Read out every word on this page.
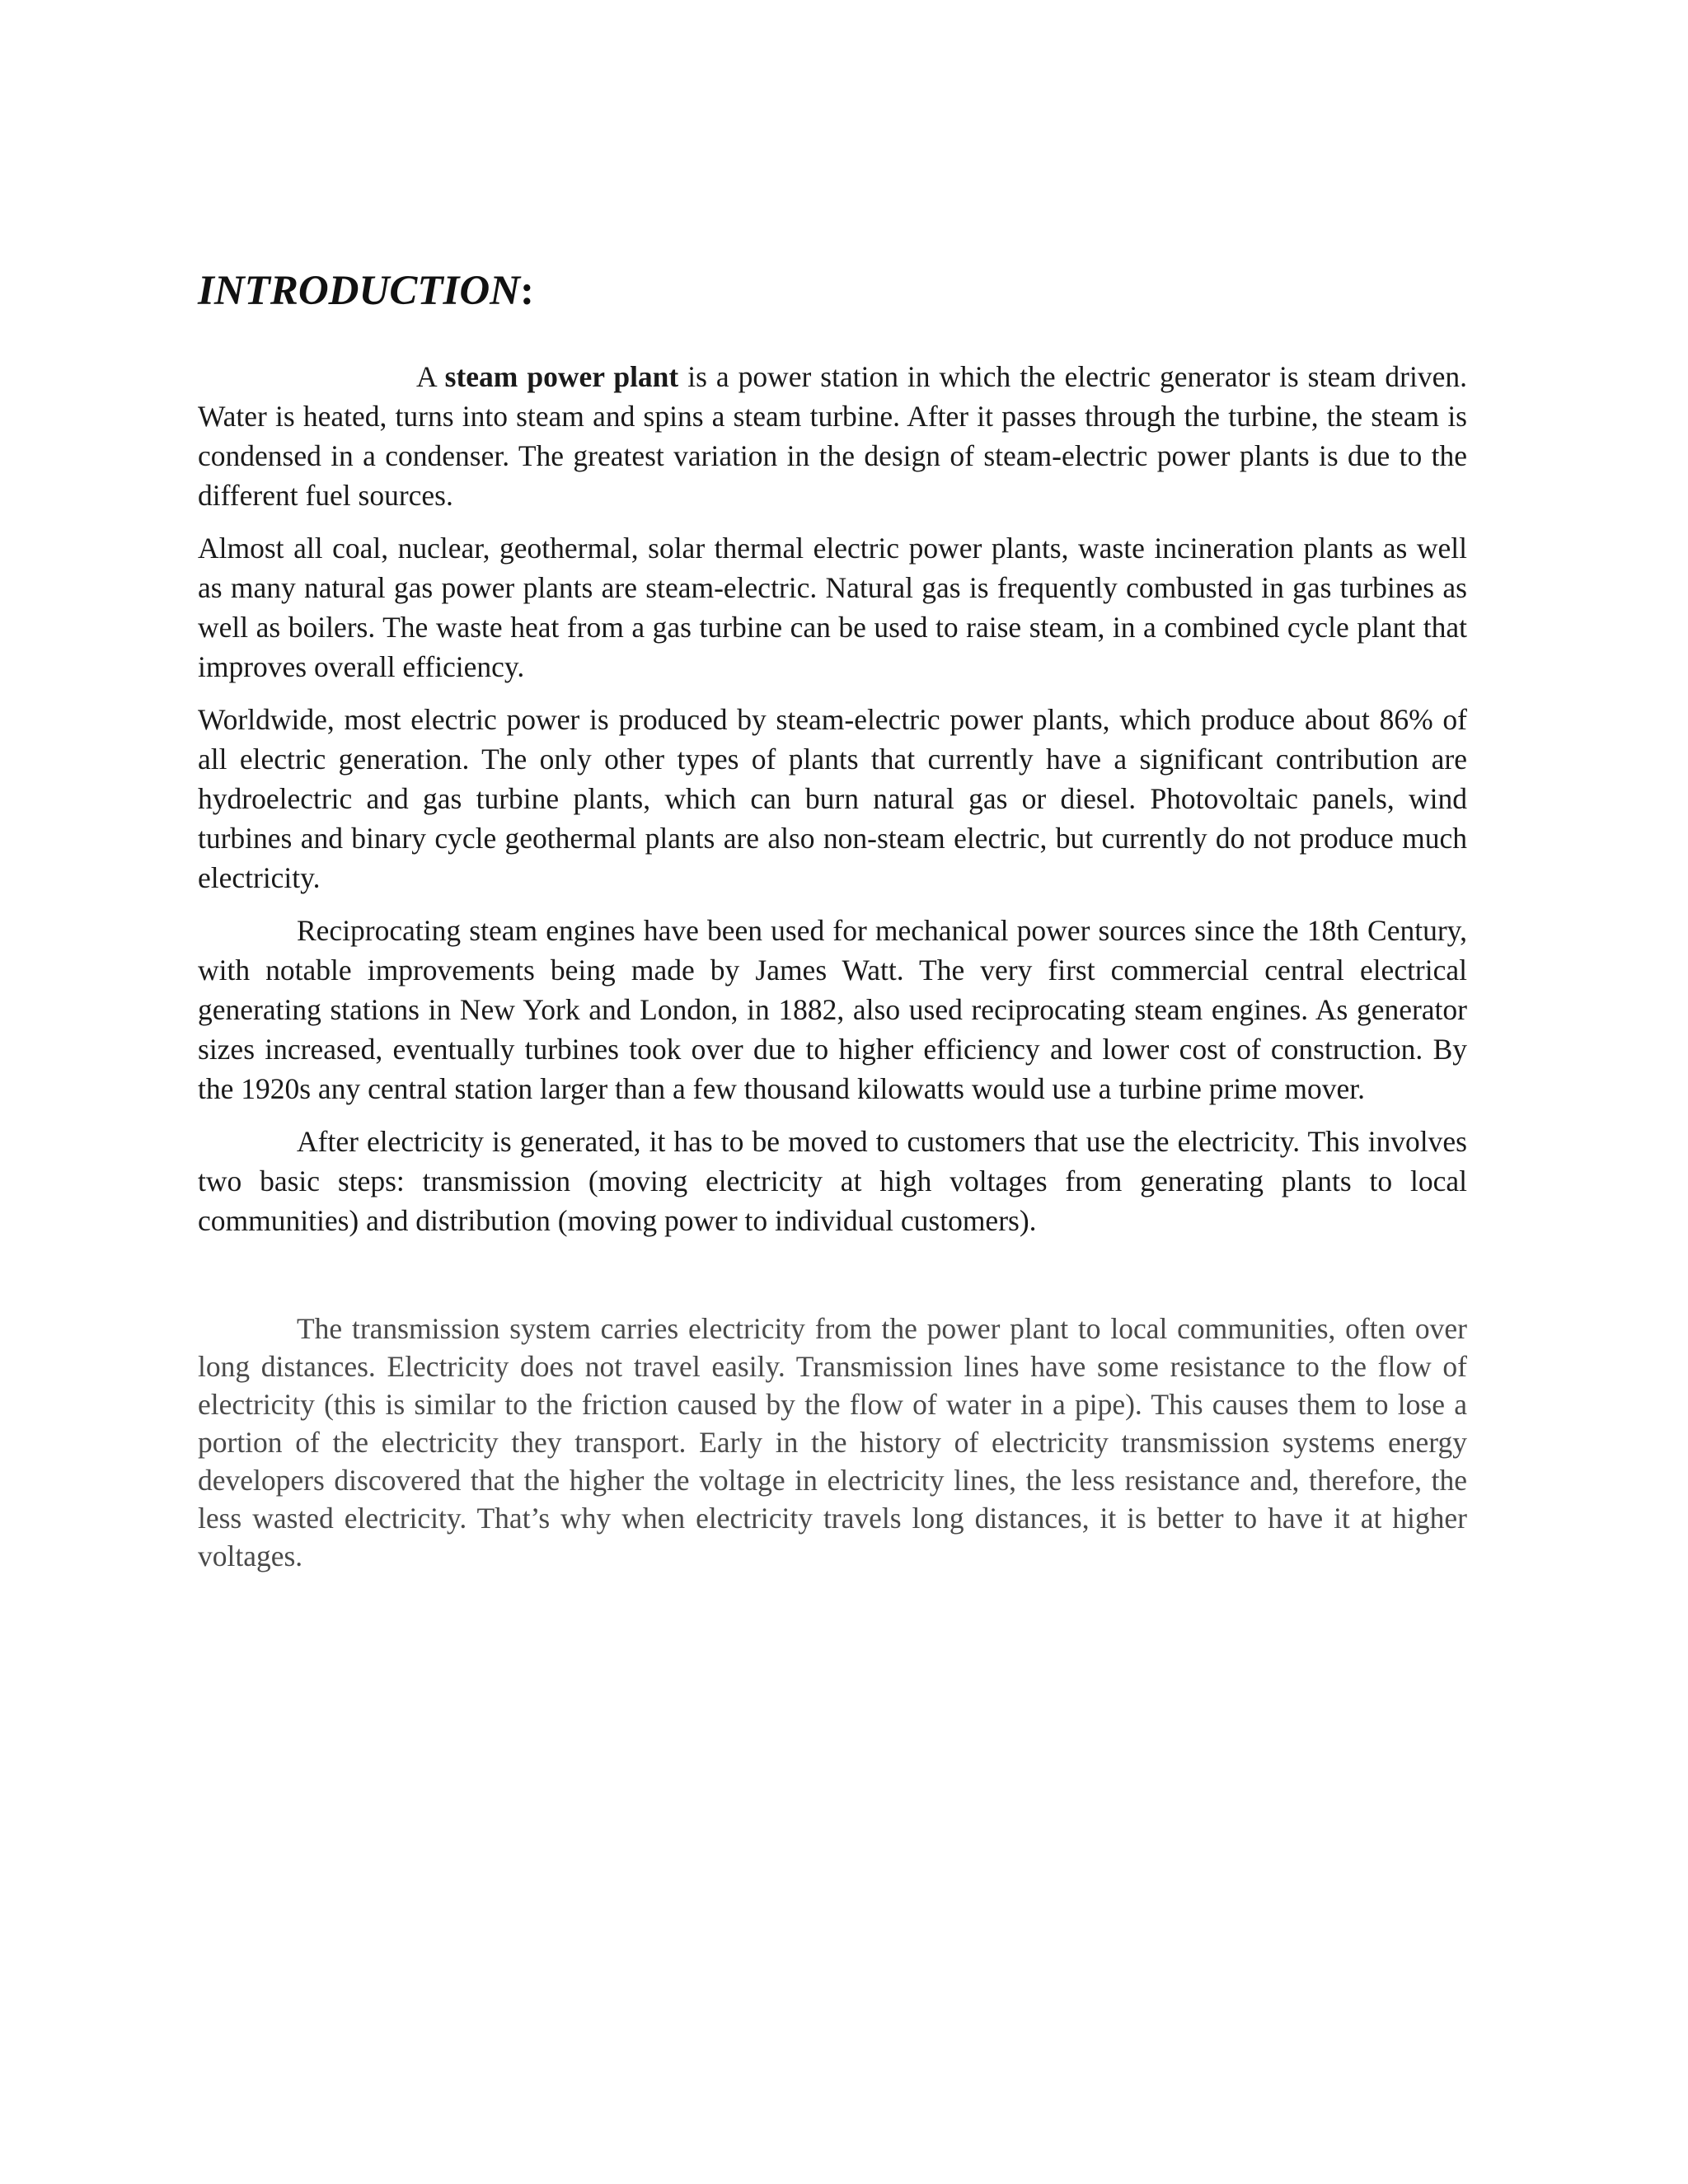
INTRODUCTION:

A steam power plant is a power station in which the electric generator is steam driven. Water is heated, turns into steam and spins a steam turbine. After it passes through the turbine, the steam is condensed in a condenser. The greatest variation in the design of steam-electric power plants is due to the different fuel sources.

Almost all coal, nuclear, geothermal, solar thermal electric power plants, waste incineration plants as well as many natural gas power plants are steam-electric. Natural gas is frequently combusted in gas turbines as well as boilers. The waste heat from a gas turbine can be used to raise steam, in a combined cycle plant that improves overall efficiency.

Worldwide, most electric power is produced by steam-electric power plants, which produce about 86% of all electric generation. The only other types of plants that currently have a significant contribution are hydroelectric and gas turbine plants, which can burn natural gas or diesel. Photovoltaic panels, wind turbines and binary cycle geothermal plants are also non-steam electric, but currently do not produce much electricity.

Reciprocating steam engines have been used for mechanical power sources since the 18th Century, with notable improvements being made by James Watt. The very first commercial central electrical generating stations in New York and London, in 1882, also used reciprocating steam engines. As generator sizes increased, eventually turbines took over due to higher efficiency and lower cost of construction. By the 1920s any central station larger than a few thousand kilowatts would use a turbine prime mover.

After electricity is generated, it has to be moved to customers that use the electricity. This involves two basic steps: transmission (moving electricity at high voltages from generating plants to local communities) and distribution (moving power to individual customers).

The transmission system carries electricity from the power plant to local communities, often over long distances. Electricity does not travel easily. Transmission lines have some resistance to the flow of electricity (this is similar to the friction caused by the flow of water in a pipe). This causes them to lose a portion of the electricity they transport. Early in the history of electricity transmission systems energy developers discovered that the higher the voltage in electricity lines, the less resistance and, therefore, the less wasted electricity. That’s why when electricity travels long distances, it is better to have it at higher voltages.
